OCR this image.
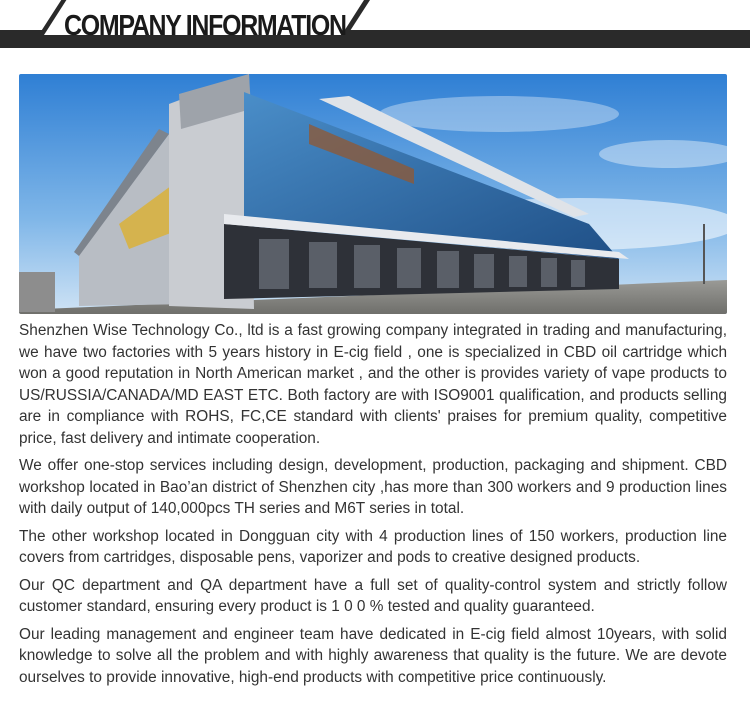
COMPANY INFORMATION

Shenzhen Wise Technology Co., ltd is a fast growing company integrated in trading and manufacturing, we have two factories with 5 years history in E-cig field , one is specialized in CBD oil cartridge which won a good reputation in North American market , and the other is provides variety of vape products to US/RUSSIA/CANADA/MD EAST ETC. Both factory are with ISO9001 qualification, and products selling are in compliance with ROHS, FC,CE standard with clients' praises for premium quality, competitive price, fast delivery and intimate cooperation.

We offer one-stop services including design, development, production, packaging and shipment. CBD workshop located in Bao’an district of Shenzhen city ,has more than 300 workers and 9 production lines with daily output of 140,000pcs TH series and M6T series in total.

The other workshop located in Dongguan city with 4 production lines of 150 workers, production line covers from cartridges, disposable pens, vaporizer and pods to creative designed products.

Our QC department and QA department have a full set of quality-control system and strictly follow customer standard, ensuring every product is 1 0 0 % tested and quality guaranteed.

Our leading management and engineer team have dedicated in E-cig field almost 10years, with solid knowledge to solve all the problem and with highly awareness that quality is the future. We are devote ourselves to provide innovative, high-end products with competitive price continuously.
